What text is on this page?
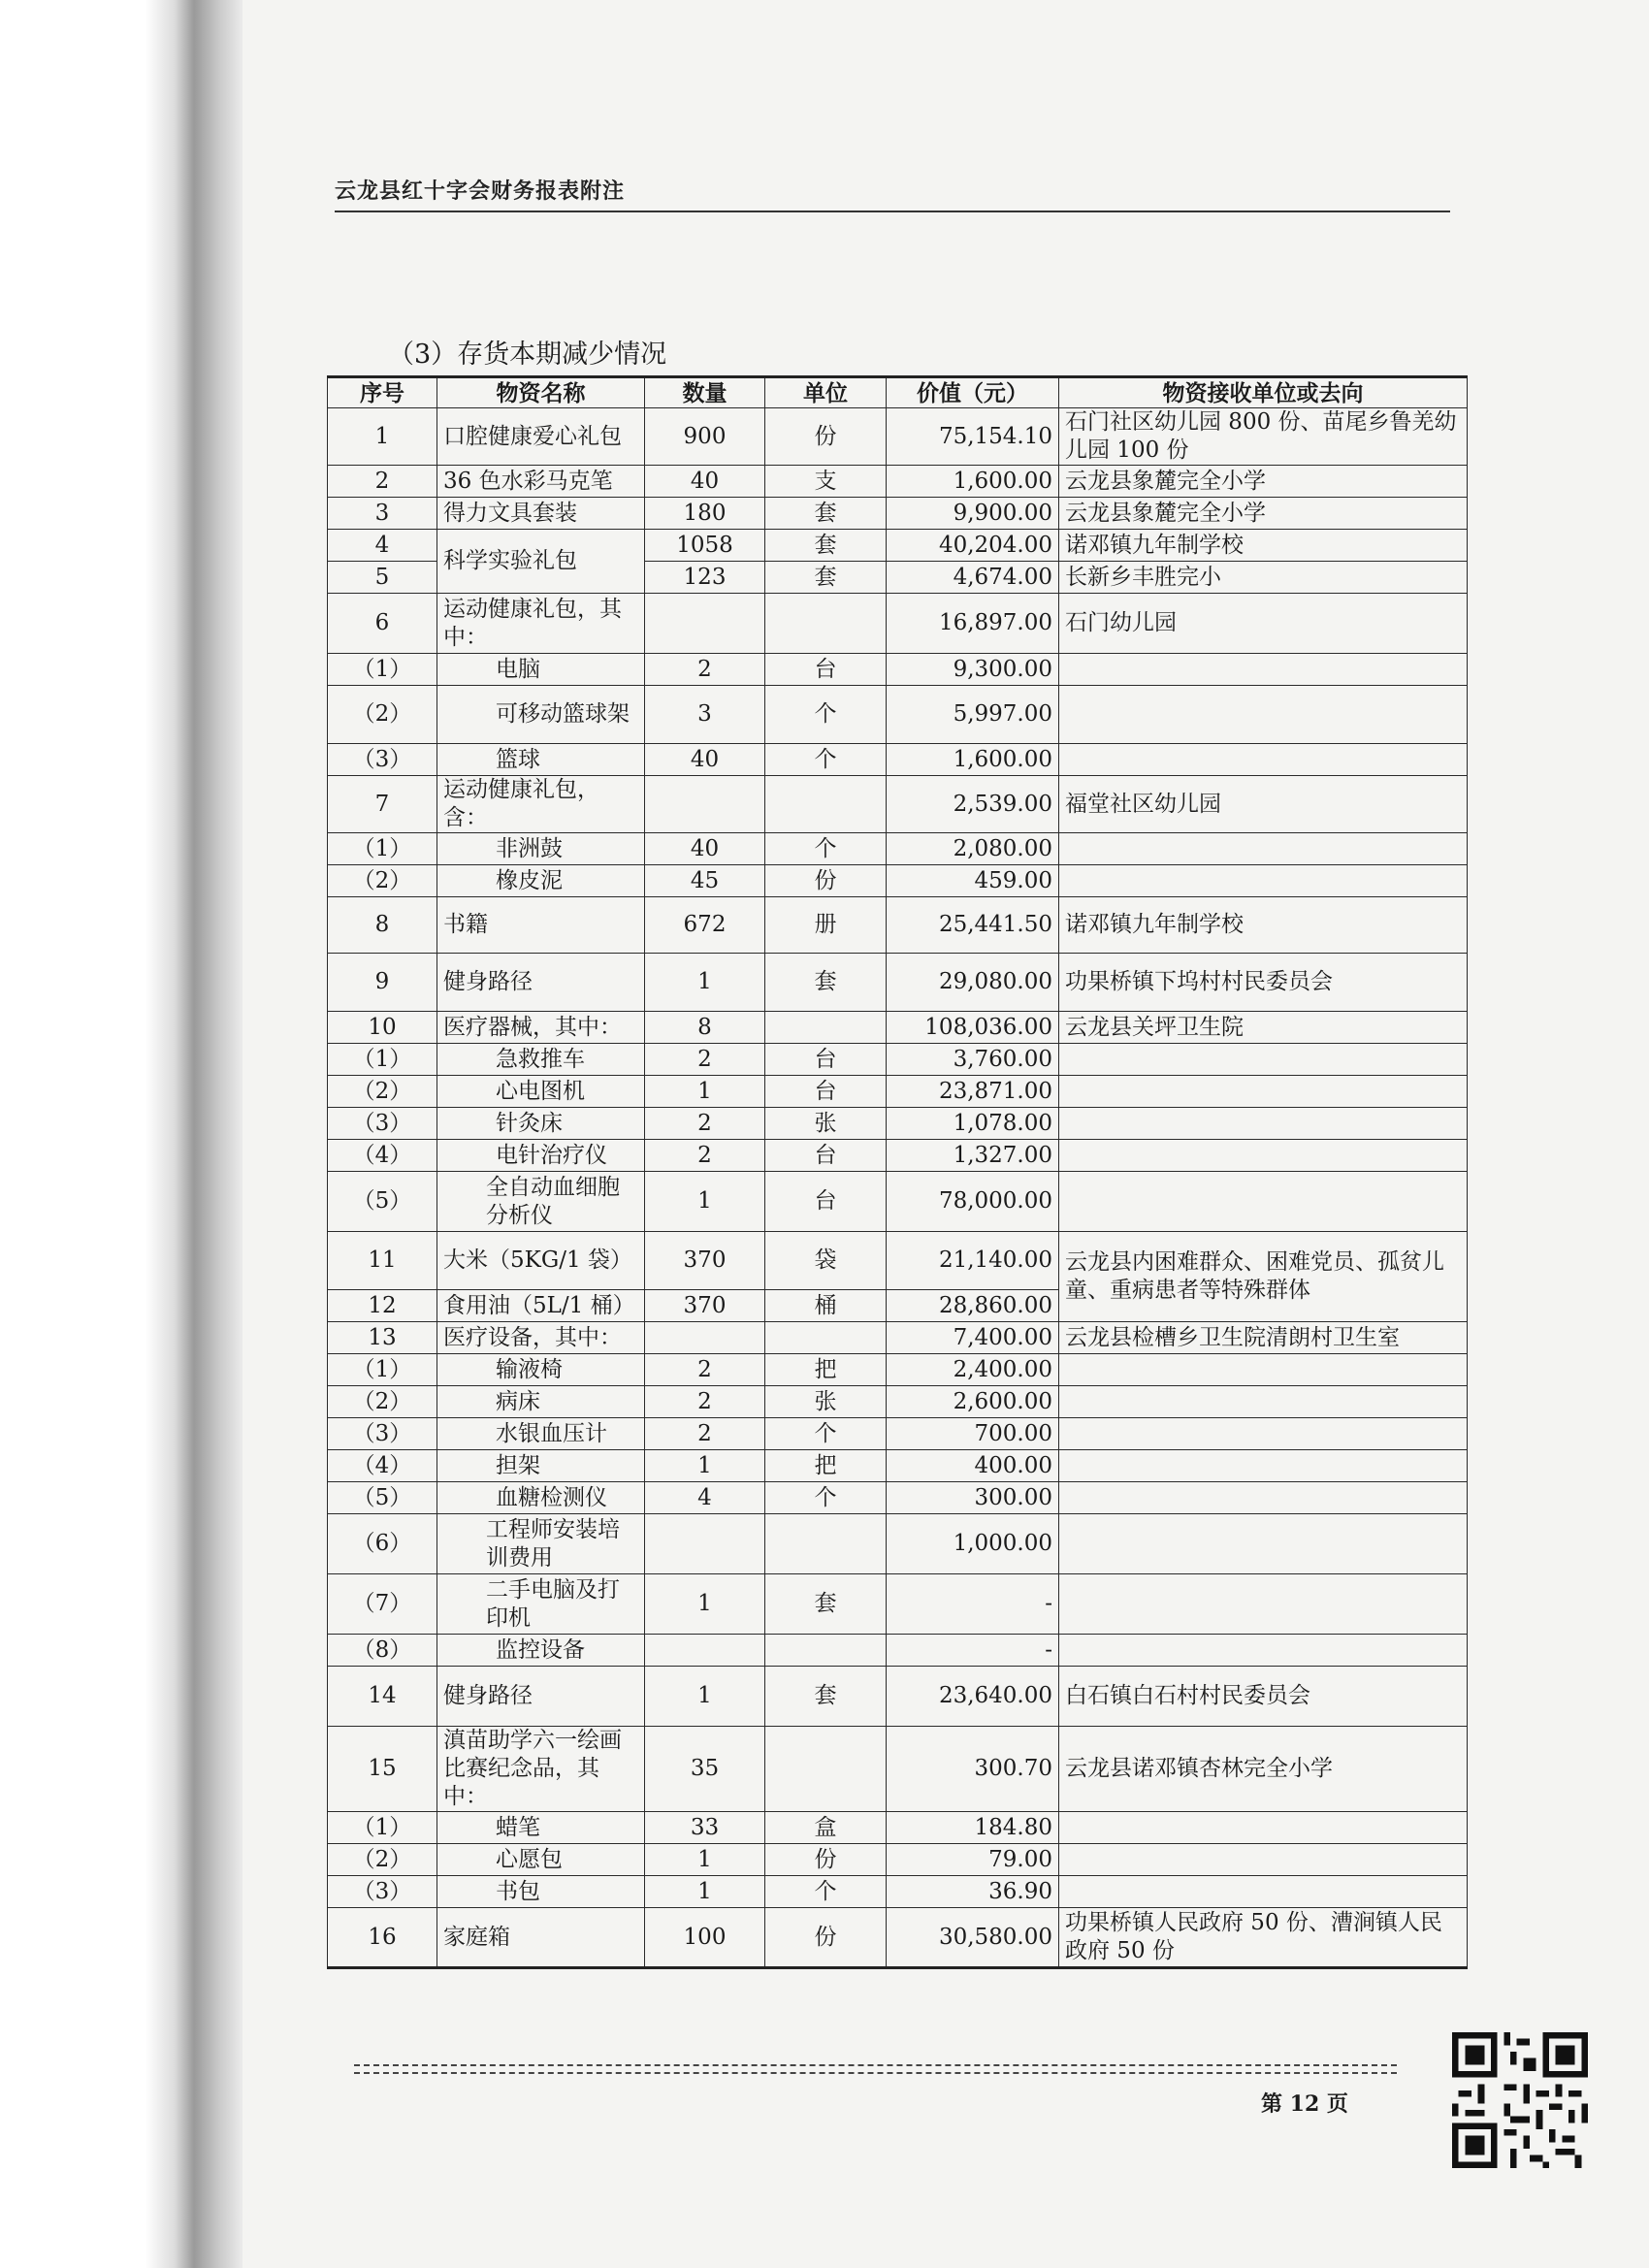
云龙县红十字会财务报表附注
（3）存货本期减少情况
序号	物资名称	数量	单位	价值（元）	物资接收单位或去向
1	口腔健康爱心礼包	900	份	75,154.10	石门社区幼儿园 800 份、苗尾乡鲁羌幼儿园 100 份
2	36 色水彩马克笔	40	支	1,600.00	云龙县象麓完全小学
3	得力文具套装	180	套	9,900.00	云龙县象麓完全小学
4	科学实验礼包	1058	套	40,204.00	诺邓镇九年制学校
5		123	套	4,674.00	长新乡丰胜完小
6	运动健康礼包，其中：			16,897.00	石门幼儿园
（1）	电脑	2	台	9,300.00	
（2）	可移动篮球架	3	个	5,997.00	
（3）	篮球	40	个	1,600.00	
7	运动健康礼包，含：			2,539.00	福堂社区幼儿园
（1）	非洲鼓	40	个	2,080.00	
（2）	橡皮泥	45	份	459.00	
8	书籍	672	册	25,441.50	诺邓镇九年制学校
9	健身路径	1	套	29,080.00	功果桥镇下坞村村民委员会
10	医疗器械，其中：	8		108,036.00	云龙县关坪卫生院
（1）	急救推车	2	台	3,760.00	
（2）	心电图机	1	台	23,871.00	
（3）	针灸床	2	张	1,078.00	
（4）	电针治疗仪	2	台	1,327.00	
（5）	全自动血细胞分析仪	1	台	78,000.00	
11	大米（5KG/1 袋）	370	袋	21,140.00	云龙县内困难群众、困难党员、孤贫儿童、重病患者等特殊群体
12	食用油（5L/1 桶）	370	桶	28,860.00	
13	医疗设备，其中：			7,400.00	云龙县检槽乡卫生院清朗村卫生室
（1）	输液椅	2	把	2,400.00	
（2）	病床	2	张	2,600.00	
（3）	水银血压计	2	个	700.00	
（4）	担架	1	把	400.00	
（5）	血糖检测仪	4	个	300.00	
（6）	工程师安装培训费用			1,000.00	
（7）	二手电脑及打印机	1	套	-	
（8）	监控设备			-	
14	健身路径	1	套	23,640.00	白石镇白石村村民委员会
15	滇苗助学六一绘画比赛纪念品，其中：	35		300.70	云龙县诺邓镇杏林完全小学
（1）	蜡笔	33	盒	184.80	
（2）	心愿包	1	份	79.00	
（3）	书包	1	个	36.90	
16	家庭箱	100	份	30,580.00	功果桥镇人民政府 50 份、漕涧镇人民政府 50 份
第 12 页
